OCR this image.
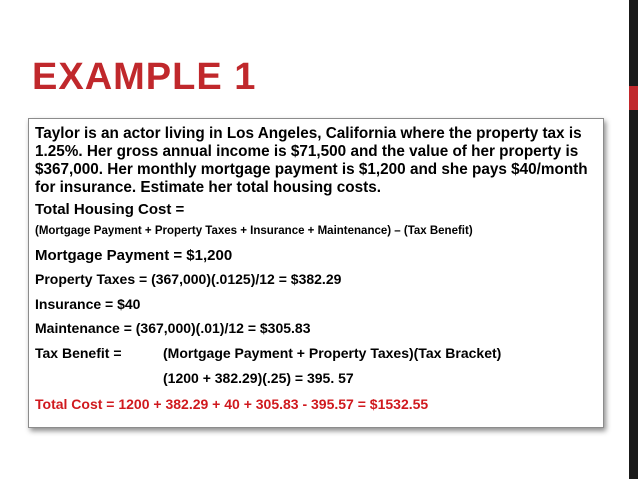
EXAMPLE 1

Taylor is an actor living in Los Angeles, California where the property tax is 1.25%. Her gross annual income is $71,500 and the value of her property is $367,000. Her monthly mortgage payment is $1,200 and she pays $40/month for insurance. Estimate her total housing costs.

Total Housing Cost =

(Mortgage Payment + Property Taxes + Insurance + Maintenance) – (Tax Benefit)

Mortgage Payment = $1,200

Property Taxes = (367,000)(.0125)/12 = $382.29

Insurance = $40

Maintenance = (367,000)(.01)/12 = $305.83

Tax Benefit =	(Mortgage Payment + Property Taxes)(Tax Bracket)

(1200 + 382.29)(.25) = 395. 57

Total Cost = 1200 + 382.29 + 40 + 305.83 - 395.57 = $1532.55
